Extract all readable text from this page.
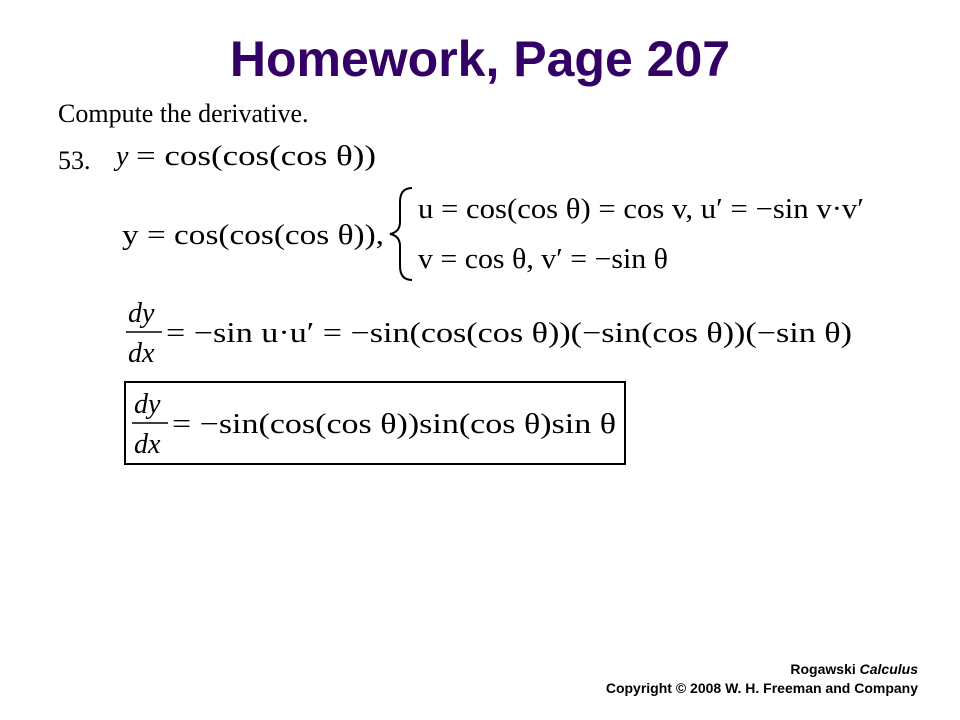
Homework, Page 207
Compute the derivative.
53. y = cos(cos(cos θ))
y = cos(cos(cos θ)),
u = cos(cos θ) = cos v, u′ = −sin v·v′
v = cos θ, v′ = −sin θ
dy
dx
= −sin u·u′ = −sin(cos(cos θ))(−sin(cos θ))(−sin θ)
dy
dx
= −sin(cos(cos θ))sin(cos θ)sin θ
Rogawski Calculus
Copyright © 2008 W. H. Freeman and Company
